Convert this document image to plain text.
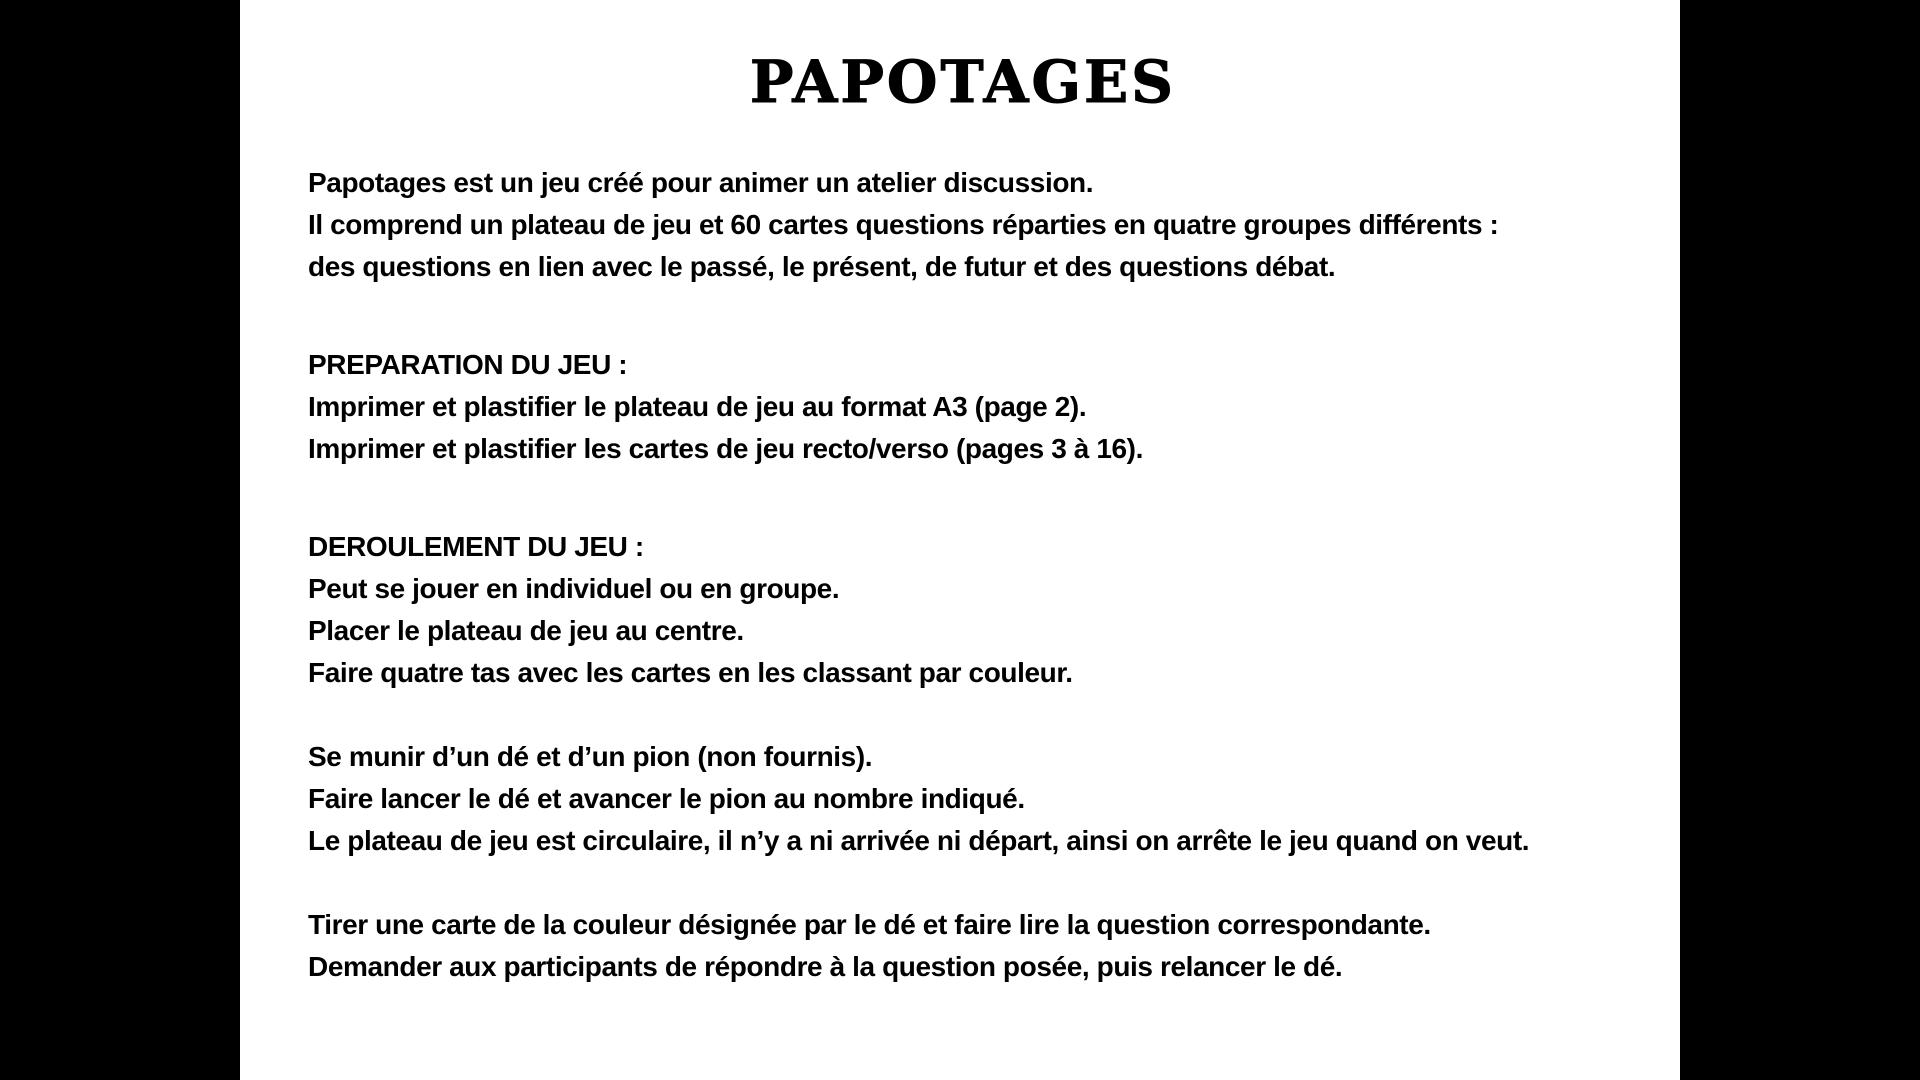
PAPOTAGES
Papotages est un jeu créé pour animer un atelier discussion.
Il comprend un plateau de jeu et 60 cartes questions réparties en quatre groupes différents :
des questions en lien avec le passé, le présent, de futur et des questions débat.
PREPARATION DU JEU :
Imprimer et plastifier le plateau de jeu au format A3 (page 2).
Imprimer et plastifier les cartes de jeu recto/verso (pages 3 à 16).
DEROULEMENT DU JEU :
Peut se jouer en individuel ou en groupe.
Placer le plateau de jeu au centre.
Faire quatre tas avec les cartes en les classant par couleur.
Se munir d’un dé et d’un pion (non fournis).
Faire lancer le dé et avancer le pion au nombre indiqué.
Le plateau de jeu est circulaire, il n’y a ni arrivée ni départ, ainsi on arrête le jeu quand on veut.
Tirer une carte de la couleur désignée par le dé et faire lire la question correspondante.
Demander aux participants de répondre à la question posée, puis relancer le dé.
